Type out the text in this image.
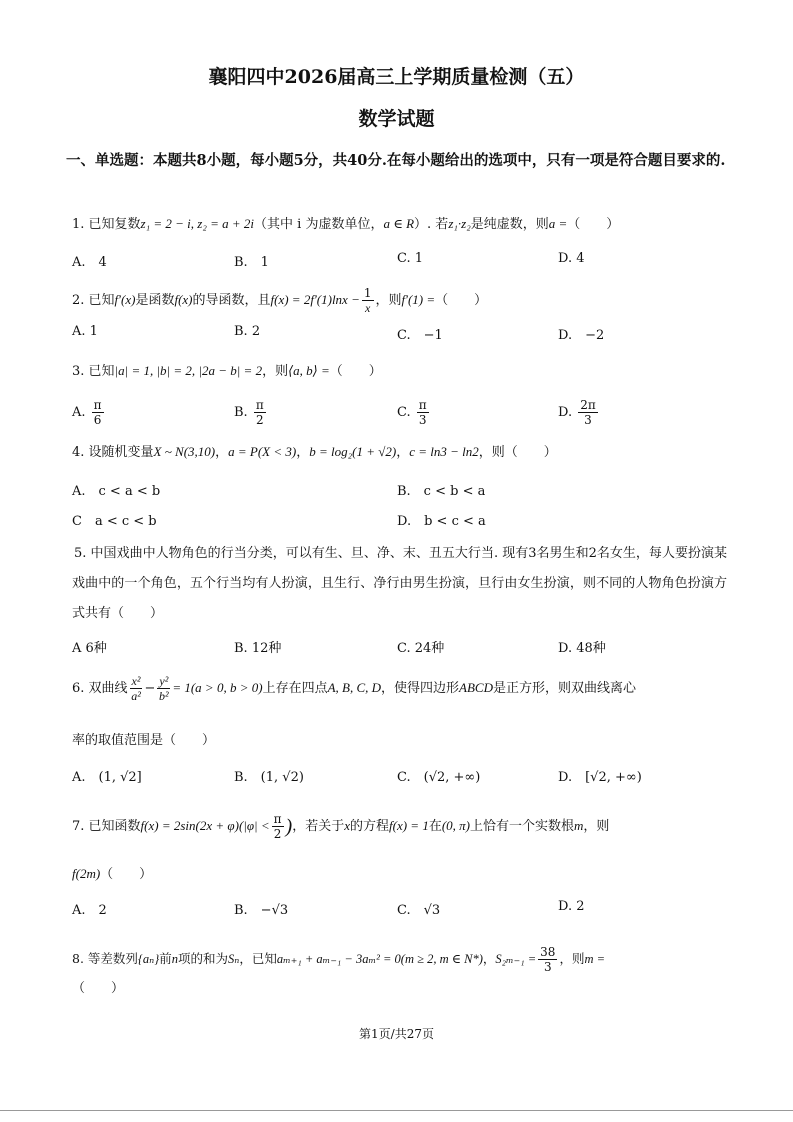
襄阳四中2026届高三上学期质量检测（五）
数学试题
一、单选题：本题共8小题，每小题5分，共40分.在每小题给出的选项中，只有一项是符合题目要求的.
1. 已知复数z₁ = 2 − i, z₂ = a + 2i（其中 i 为虚数单位，a ∈ R）. 若z₁·z₂是纯虚数，则a =（　　）
A.　4	B.　1	C. 1	D. 4
2. 已知f′(x)是函数f(x)的导函数，且$f(x) = 2f'(1)\ln x - \frac{1}{x}$ ，则f′(1) =（　　）
A. 1	B. 2	C.　−1	D.　−2
3. 已知|a| = 1, |b| = 2, |2a − b| = 2，则⟨a, b⟩ =（　　）
A. $\frac{\pi}{6}$	B. $\frac{\pi}{2}$	C. $\frac{\pi}{3}$	D. $\frac{2\pi}{3}$
4. 设随机变量X ~ N(3,10)，a = P(X < 3)，b = log₂(1 + √2)，c = ln3 − ln2，则（　　）
A.　c < a < b	B.　c < b < a
C　a < c < b	D.　b < c < a
5. 中国戏曲中人物角色的行当分类，可以有生、旦、净、末、丑五大行当. 现有3名男生和2名女生，每人要扮演某戏曲中的一个角色，五个行当均有人扮演，且生行、净行由男生扮演，旦行由女生扮演，则不同的人物角色扮演方式共有（　　）
A 6种	B. 12种	C. 24种	D. 48种
6. 双曲线 $\frac{\text{x²}}{\text{a²}} - \frac{\text{y²}}{\text{b²}} = 1(a > 0$, b > 0)上存在四点A, B, C, D，使得四边形ABCD是正方形，则双曲线离心
率的取值范围是（　　）
A.　(1, √2]	B.　(1, √2)	C.　(√2, +∞)	D.　[√2, +∞)
7. 已知函数$f(x) = 2\sin(2x + \varphi)(|\varphi| < \frac{\pi}{2}$ )，若关于x的方程f(x) = 1在(0, π)上恰有一个实数根m，则
f(2m)（　　）
A.　2	B.　−√3	C.　√3	D. 2
8. 等差数列{aₙ}前n项的和为Sₙ，已知aₘ₊₁ + aₘ₋₁ − 3aₘ² = 0(m ≥ 2, m ∈ N*)，$S_{2m-1} = \frac{38}{3}$ ，则m =
（　　）
第1页/共27页
